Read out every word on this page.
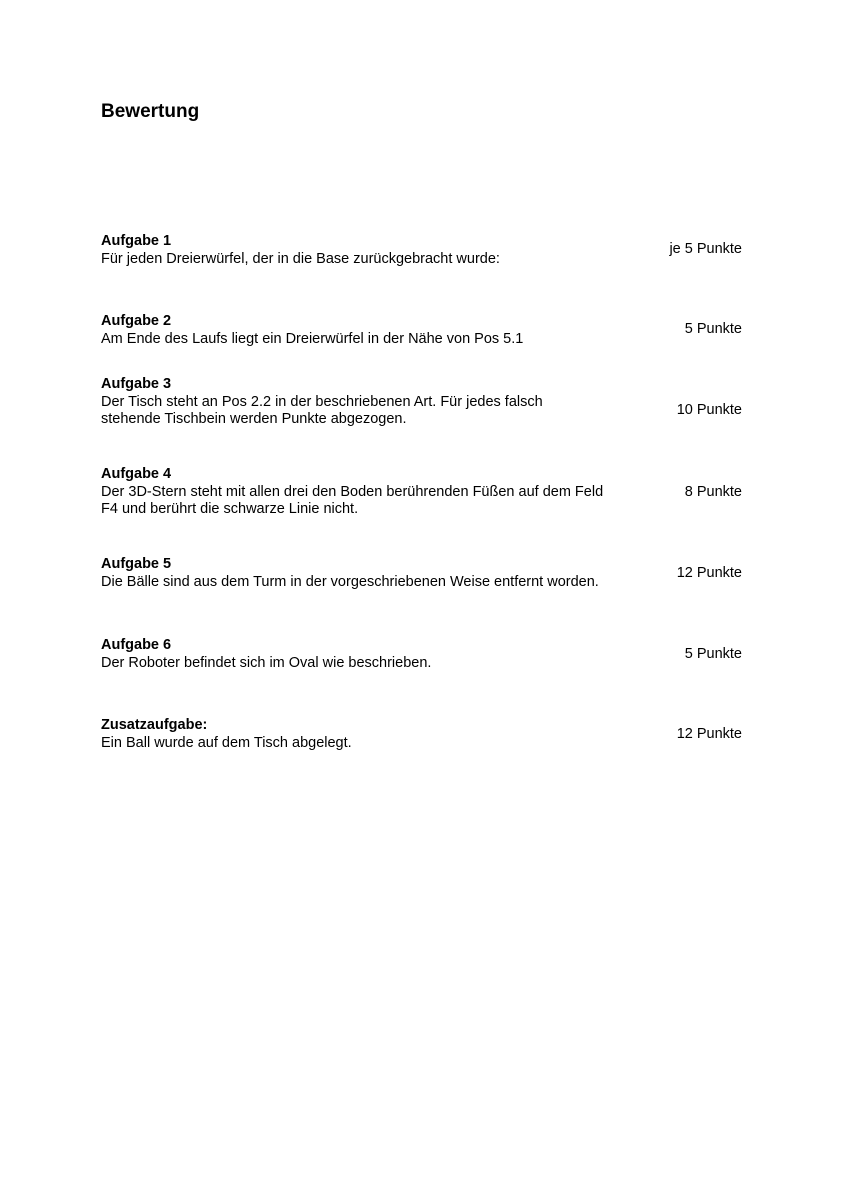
Bewertung
Aufgabe 1
Für jeden Dreierwürfel, der in die Base zurückgebracht wurde:
je 5 Punkte
Aufgabe 2
Am Ende des Laufs liegt ein Dreierwürfel in der Nähe von Pos 5.1
5 Punkte
Aufgabe 3
Der Tisch steht an Pos 2.2 in der beschriebenen Art. Für jedes falsch stehende Tischbein werden Punkte abgezogen.
10 Punkte
Aufgabe 4
Der 3D-Stern steht mit allen drei den Boden berührenden Füßen auf dem Feld F4 und berührt die schwarze Linie nicht.
8 Punkte
Aufgabe 5
Die Bälle sind aus dem Turm in der vorgeschriebenen Weise entfernt worden.
12 Punkte
Aufgabe 6
Der Roboter befindet sich im Oval wie beschrieben.
5 Punkte
Zusatzaufgabe:
Ein Ball wurde auf dem Tisch abgelegt.
12 Punkte
